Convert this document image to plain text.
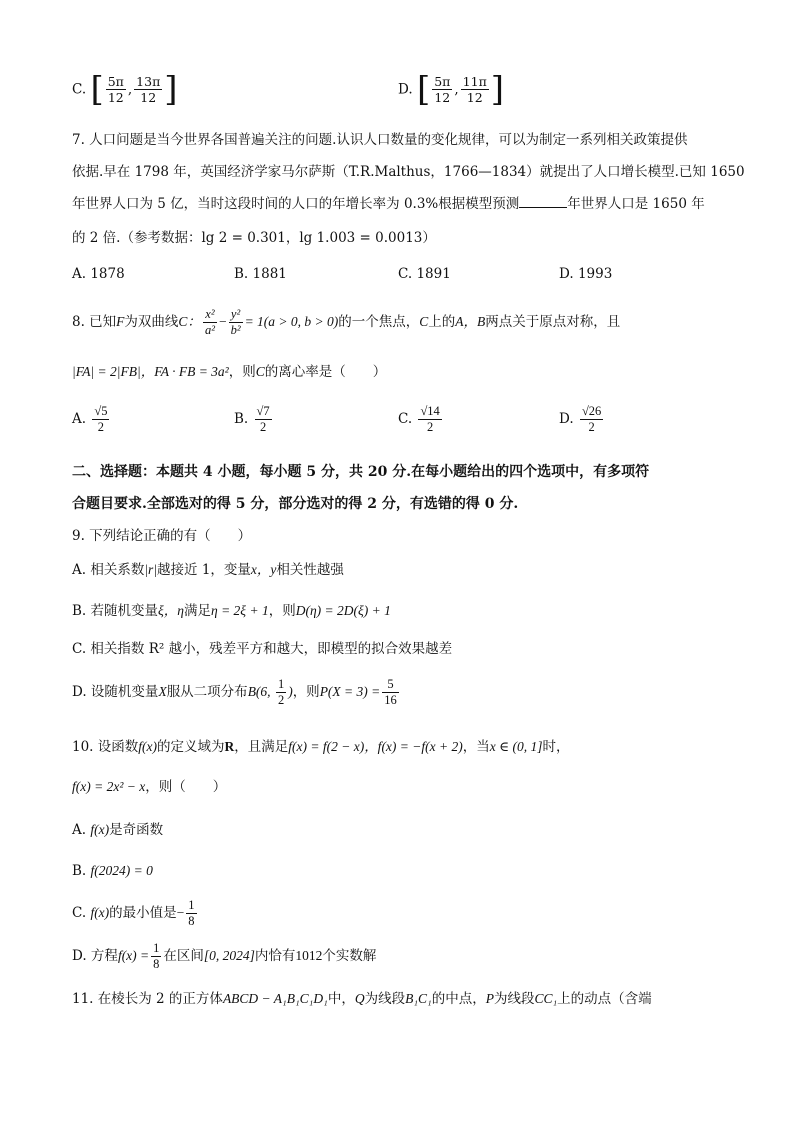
C. [ $\frac{5\pi}{12}$ , $\frac{13\pi}{12}$ ]	D. [ $\frac{5\pi}{12}$ , $\frac{11\pi}{12}$ ]
7. 人口问题是当今世界各国普遍关注的问题.认识人口数量的变化规律，可以为制定一系列相关政策提供
依据.早在 1798 年，英国经济学家马尔萨斯（T.R.Malthus，1766—1834）就提出了人口增长模型.已知 1650
年世界人口为 5 亿，当时这段时间的人口的年增长率为 0.3%根据模型预测	年世界人口是 1650 年
的 2 倍.（参考数据：lg 2 = 0.301，lg 1.003 = 0.0013）
A. 1878	B. 1881	C. 1891	D. 1993
8. 已知F为双曲线C： $\frac{\text{x²}}{\text{a²}} - \frac{\text{y²}}{\text{b²}} = 1(a > 0$, b > 0)的一个焦点，C上的A，B两点关于原点对称，且
|FA| = 2|FB|，FA · FB = 3a²，则C的离心率是（　　）
A. $\frac{√5}{2}$	B. $\frac{√7}{2}$	C. $\frac{√14}{2}$	D. $\frac{√26}{2}$
二、选择题：本题共 4 小题，每小题 5 分，共 20 分.在每小题给出的四个选项中，有多项符
合题目要求.全部选对的得 5 分，部分选对的得 2 分，有选错的得 0 分.
9. 下列结论正确的有（　　）
A. 相关系数|r|越接近 1，变量x，y相关性越强
B. 若随机变量ξ，η满足η = 2ξ + 1，则D(η) = 2D(ξ) + 1
C. 相关指数 R² 越小，残差平方和越大，即模型的拟合效果越差
D. 设随机变量X服从二项分布B(6, $\frac{1}{2}$ )，则$P(X = 3) = \frac{5}{16}$
10. 设函数f(x)的定义域为R，且满足f(x) = f(2 − x)，f(x) = −f(x + 2)，当x ∈ (0, 1]时，
f(x) = 2x² − x，则（　　）
A. f(x)是奇函数
B. f(2024) = 0
C. f(x)的最小值是− $\frac{1}{8}$
D. 方程$f(x) = \frac{1}{8}$ 在区间[0, 2024]内恰有1012个实数解
11. 在棱长为 2 的正方体ABCD − A₁B₁C₁D₁中，Q为线段B₁C₁的中点，P为线段CC₁上的动点（含端
